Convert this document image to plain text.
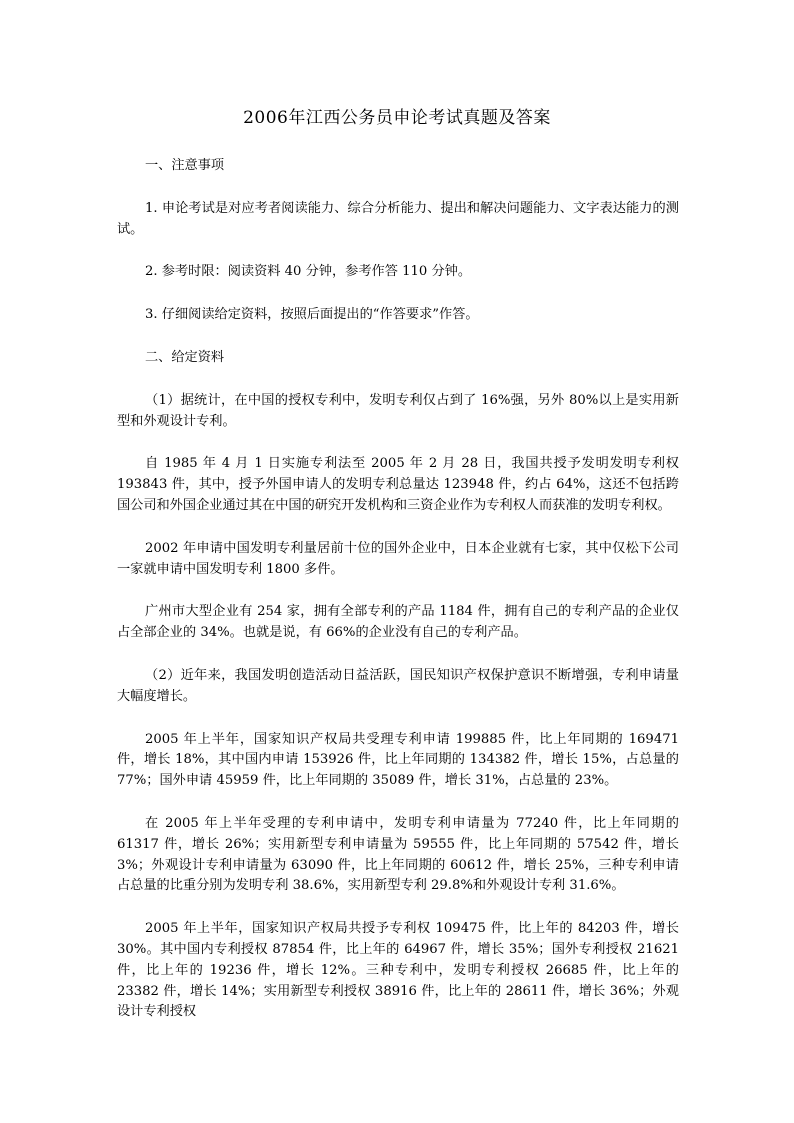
2006年江西公务员申论考试真题及答案

一、注意事项

1. 申论考试是对应考者阅读能力、综合分析能力、提出和解决问题能力、文字表达能力的测试。

2. 参考时限：阅读资料 40 分钟，参考作答 110 分钟。

3. 仔细阅读给定资料，按照后面提出的“作答要求”作答。

二、给定资料

（1）据统计，在中国的授权专利中，发明专利仅占到了 16%强，另外 80%以上是实用新型和外观设计专利。

自 1985 年 4 月 1 日实施专利法至 2005 年 2 月 28 日，我国共授予发明发明专利权 193843 件，其中，授予外国申请人的发明专利总量达 123948 件，约占 64%，这还不包括跨国公司和外国企业通过其在中国的研究开发机构和三资企业作为专利权人而获准的发明专利权。

2002 年申请中国发明专利量居前十位的国外企业中，日本企业就有七家，其中仅松下公司一家就申请中国发明专利 1800 多件。

广州市大型企业有 254 家，拥有全部专利的产品 1184 件，拥有自己的专利产品的企业仅占全部企业的 34%。也就是说，有 66%的企业没有自己的专利产品。

（2）近年来，我国发明创造活动日益活跃，国民知识产权保护意识不断增强，专利申请量大幅度增长。

2005 年上半年，国家知识产权局共受理专利申请 199885 件，比上年同期的 169471 件，增长 18%，其中国内申请 153926 件，比上年同期的 134382 件，增长 15%，占总量的 77%；国外申请 45959 件，比上年同期的 35089 件，增长 31%，占总量的 23%。

在 2005 年上半年受理的专利申请中，发明专利申请量为 77240 件，比上年同期的 61317 件，增长 26%；实用新型专利申请量为 59555 件，比上年同期的 57542 件，增长 3%；外观设计专利申请量为 63090 件，比上年同期的 60612 件，增长 25%，三种专利申请占总量的比重分别为发明专利 38.6%，实用新型专利 29.8%和外观设计专利 31.6%。

2005 年上半年，国家知识产权局共授予专利权 109475 件，比上年的 84203 件，增长 30%。其中国内专利授权 87854 件，比上年的 64967 件，增长 35%；国外专利授权 21621 件，比上年的 19236 件，增长 12%。三种专利中，发明专利授权 26685 件，比上年的 23382 件，增长 14%；实用新型专利授权 38916 件，比上年的 28611 件，增长 36%；外观设计专利授权
